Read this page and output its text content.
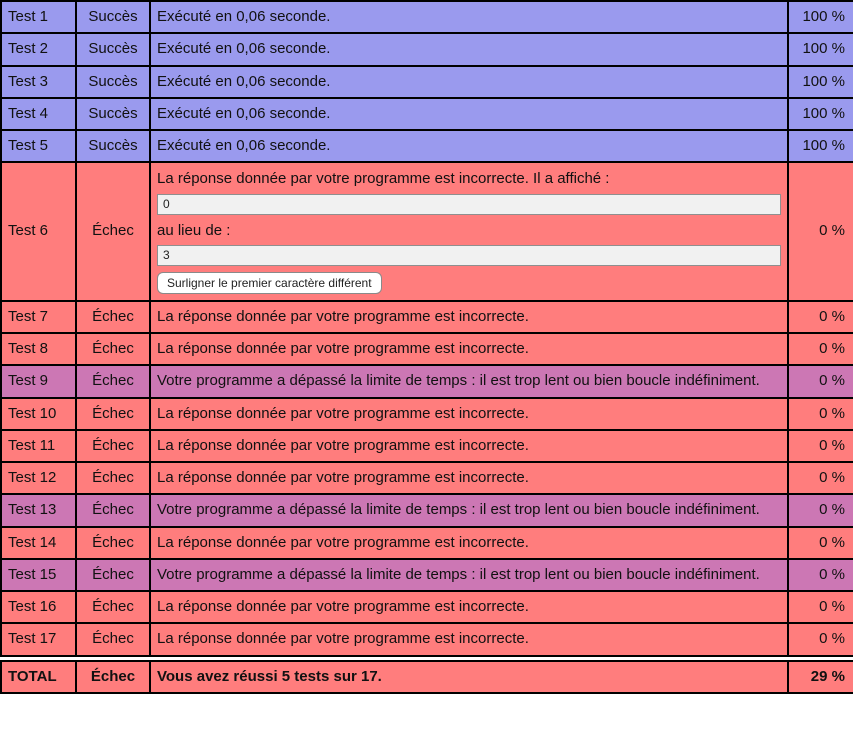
Test 1	Succès	Exécuté en 0,06 seconde.	100 %
Test 2	Succès	Exécuté en 0,06 seconde.	100 %
Test 3	Succès	Exécuté en 0,06 seconde.	100 %
Test 4	Succès	Exécuté en 0,06 seconde.	100 %
Test 5	Succès	Exécuté en 0,06 seconde.	100 %
Test 6	Échec	La réponse donnée par votre programme est incorrecte. Il a affiché :
0
au lieu de :
3
Surligner le premier caractère différent	0 %
Test 7	Échec	La réponse donnée par votre programme est incorrecte.	0 %
Test 8	Échec	La réponse donnée par votre programme est incorrecte.	0 %
Test 9	Échec	Votre programme a dépassé la limite de temps : il est trop lent ou bien boucle indéfiniment.	0 %
Test 10	Échec	La réponse donnée par votre programme est incorrecte.	0 %
Test 11	Échec	La réponse donnée par votre programme est incorrecte.	0 %
Test 12	Échec	La réponse donnée par votre programme est incorrecte.	0 %
Test 13	Échec	Votre programme a dépassé la limite de temps : il est trop lent ou bien boucle indéfiniment.	0 %
Test 14	Échec	La réponse donnée par votre programme est incorrecte.	0 %
Test 15	Échec	Votre programme a dépassé la limite de temps : il est trop lent ou bien boucle indéfiniment.	0 %
Test 16	Échec	La réponse donnée par votre programme est incorrecte.	0 %
Test 17	Échec	La réponse donnée par votre programme est incorrecte.	0 %
TOTAL	Échec	Vous avez réussi 5 tests sur 17.	29 %
